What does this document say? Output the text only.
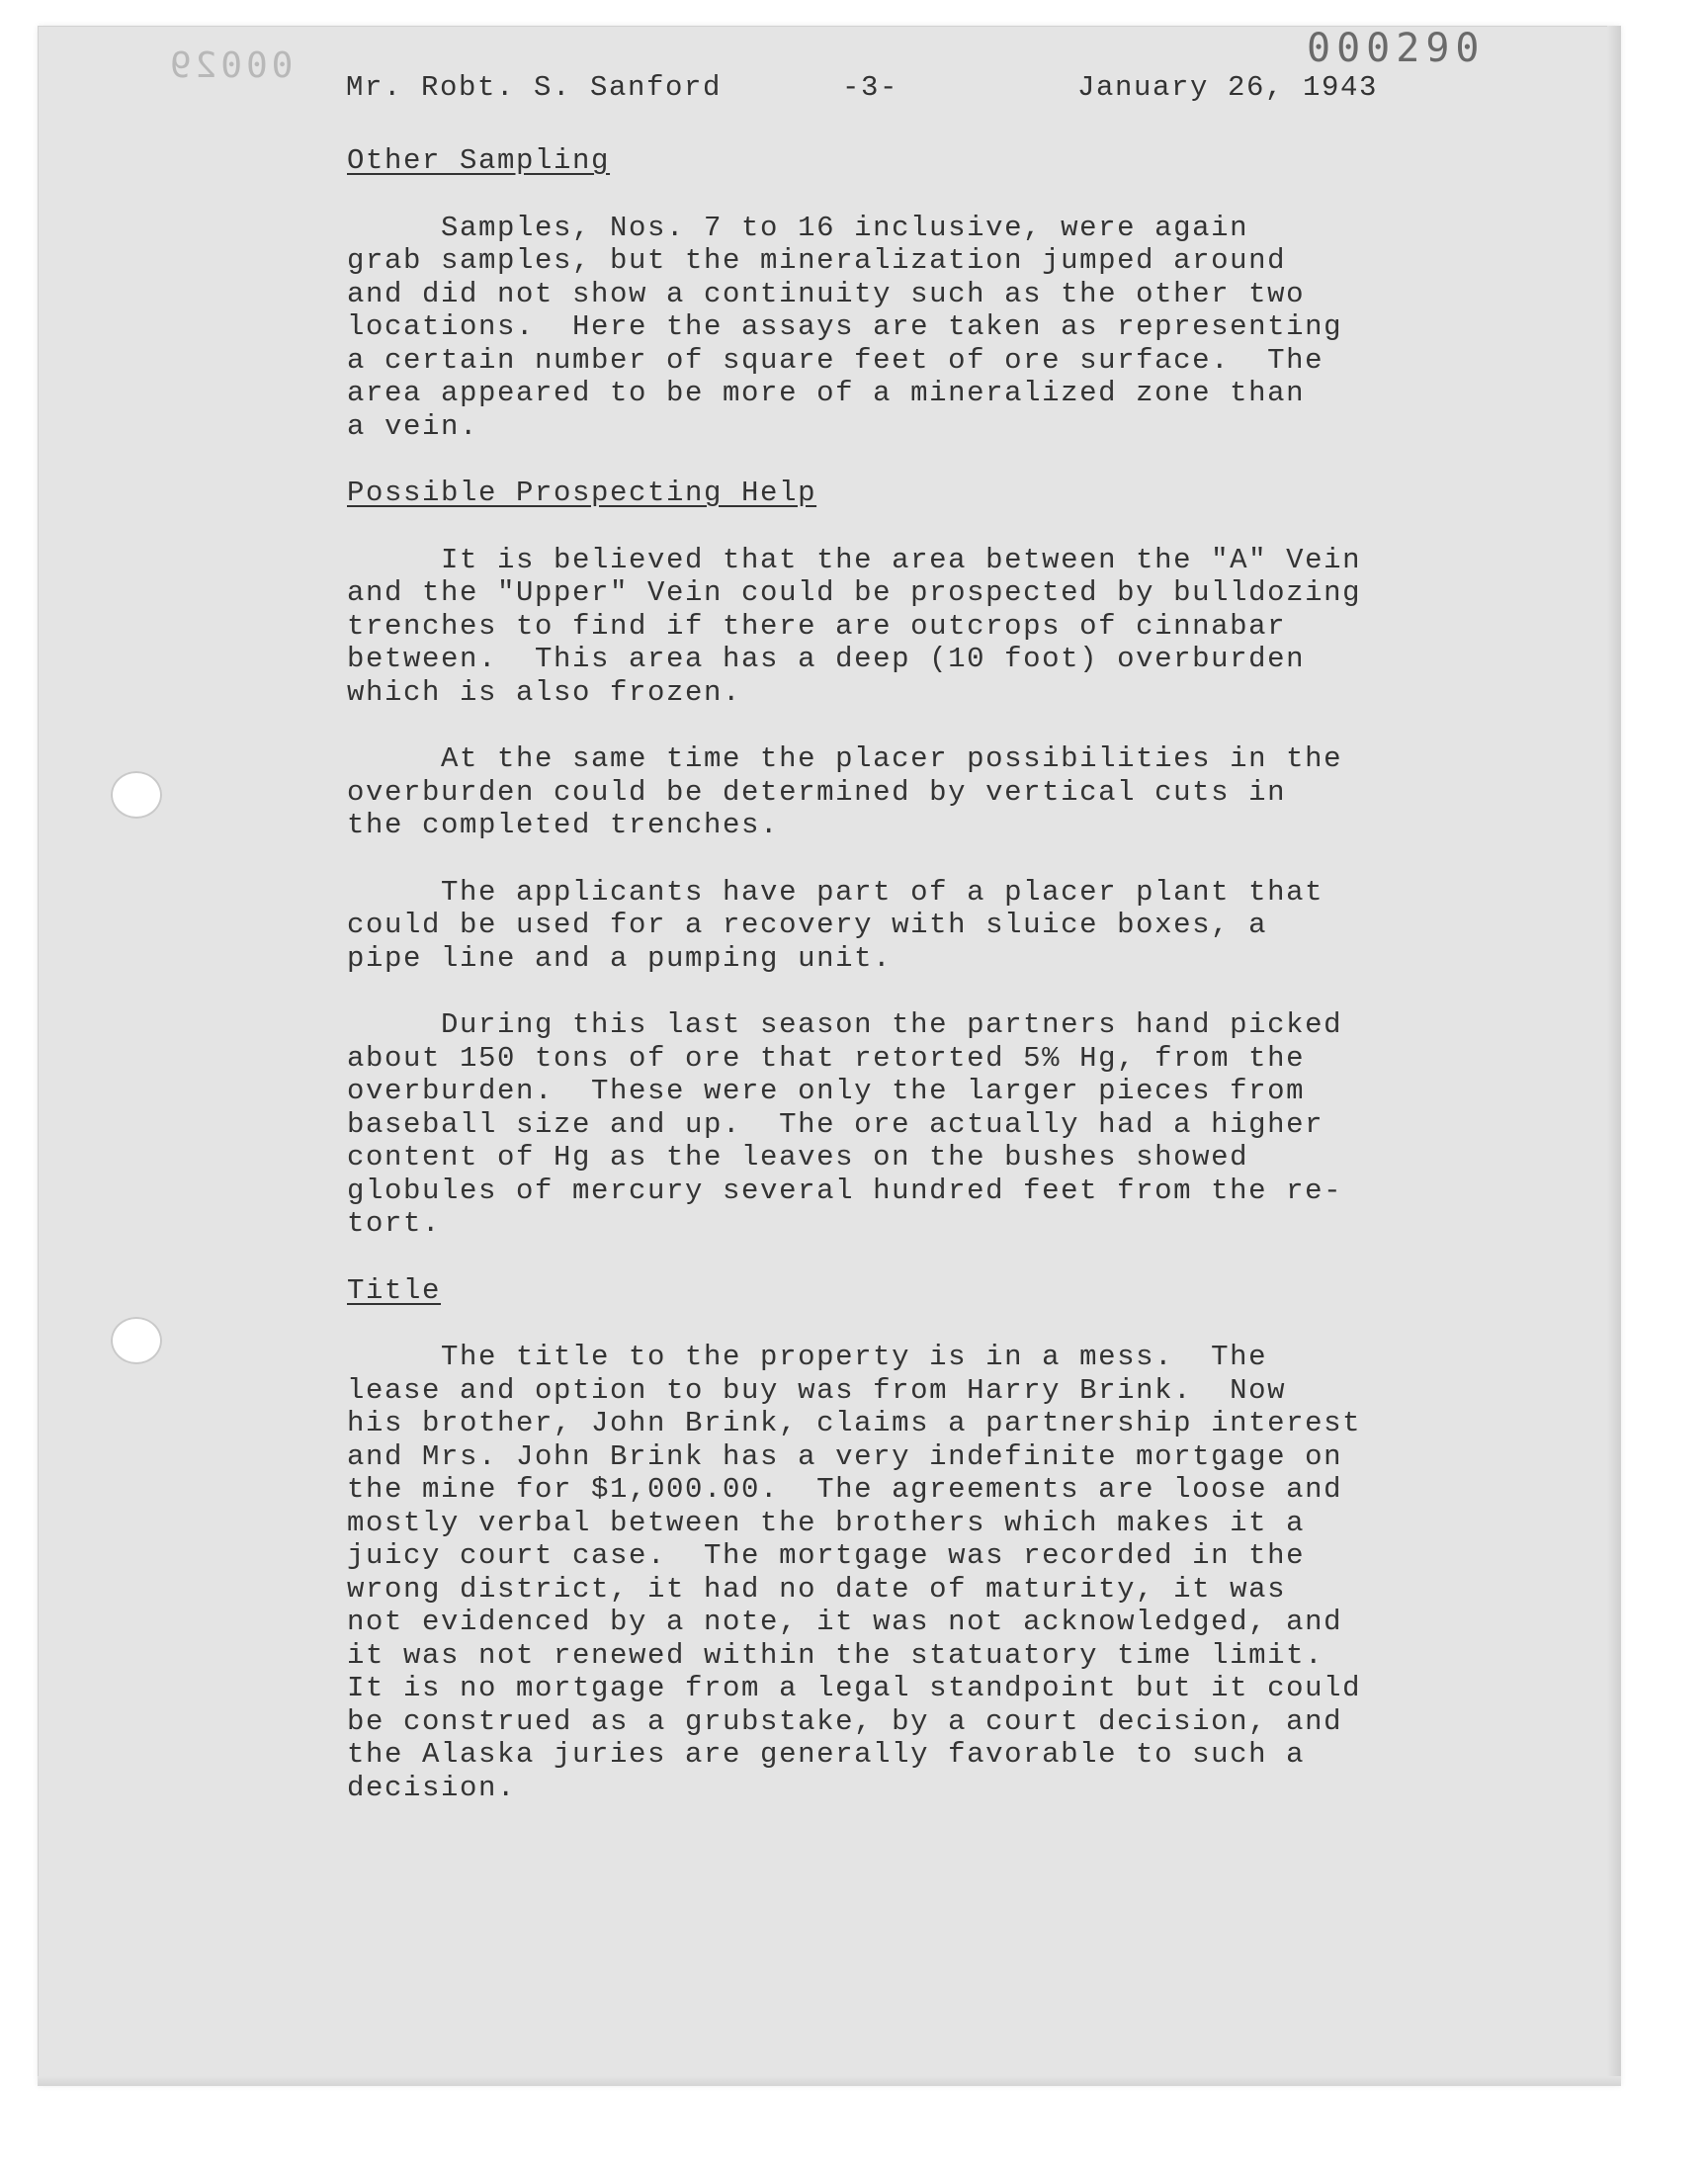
00029	000290
Mr. Robt. S. Sanford	-3-	January 26, 1943

Other Sampling

Samples, Nos. 7 to 16 inclusive, were again
grab samples, but the mineralization jumped around
and did not show a continuity such as the other two
locations.  Here the assays are taken as representing
a certain number of square feet of ore surface.  The
area appeared to be more of a mineralized zone than
a vein.

Possible Prospecting Help

It is believed that the area between the "A" Vein
and the "Upper" Vein could be prospected by bulldozing
trenches to find if there are outcrops of cinnabar
between.  This area has a deep (10 foot) overburden
which is also frozen.

At the same time the placer possibilities in the
overburden could be determined by vertical cuts in
the completed trenches.

The applicants have part of a placer plant that
could be used for a recovery with sluice boxes, a
pipe line and a pumping unit.

During this last season the partners hand picked
about 150 tons of ore that retorted 5% Hg, from the
overburden.  These were only the larger pieces from
baseball size and up.  The ore actually had a higher
content of Hg as the leaves on the bushes showed
globules of mercury several hundred feet from the re-
tort.

Title

The title to the property is in a mess.  The
lease and option to buy was from Harry Brink.  Now
his brother, John Brink, claims a partnership interest
and Mrs. John Brink has a very indefinite mortgage on
the mine for $1,000.00.  The agreements are loose and
mostly verbal between the brothers which makes it a
juicy court case.  The mortgage was recorded in the
wrong district, it had no date of maturity, it was
not evidenced by a note, it was not acknowledged, and
it was not renewed within the statuatory time limit.
It is no mortgage from a legal standpoint but it could
be construed as a grubstake, by a court decision, and
the Alaska juries are generally favorable to such a
decision.
